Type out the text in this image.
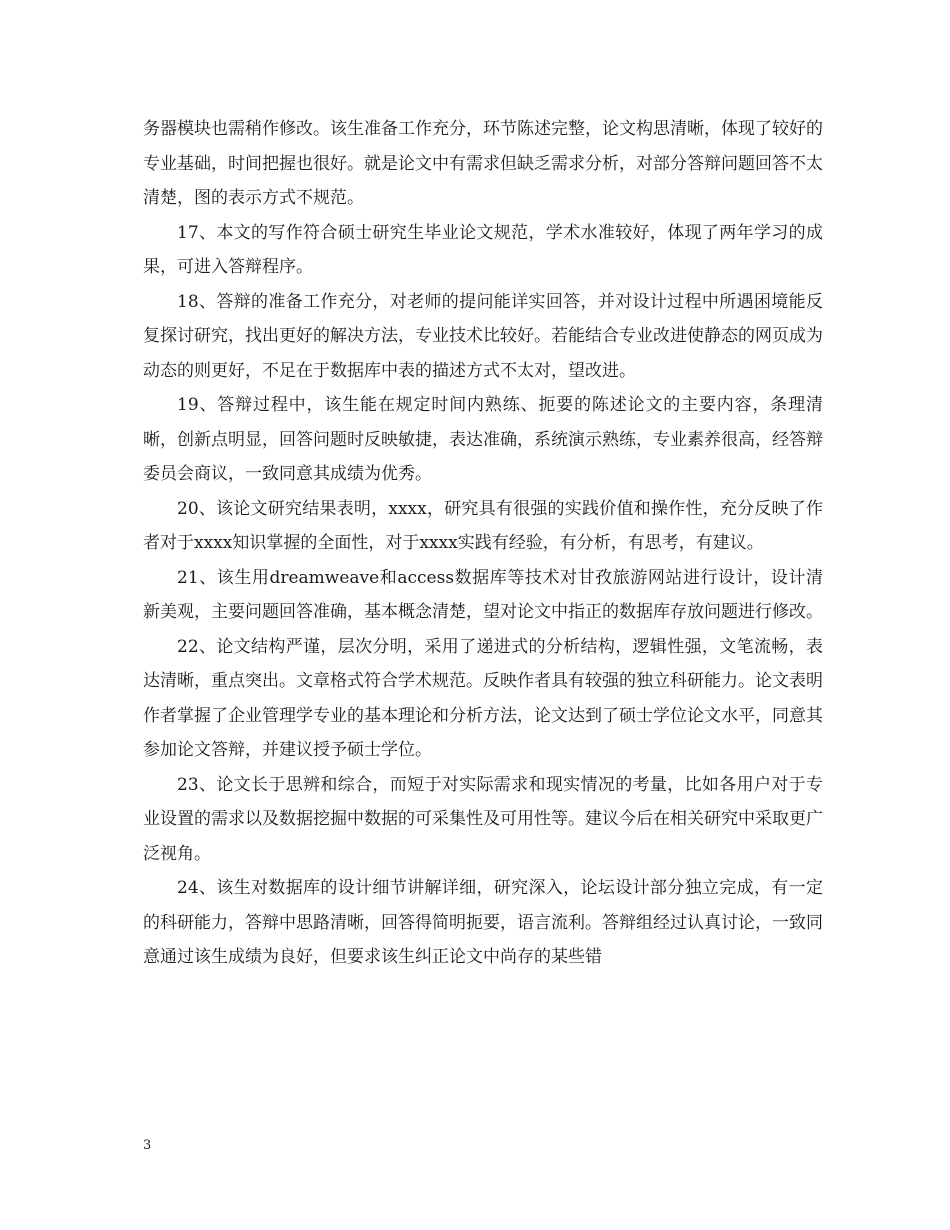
务器模块也需稍作修改。该生准备工作充分，环节陈述完整，论文构思清晰，体现了较好的专业基础，时间把握也很好。就是论文中有需求但缺乏需求分析，对部分答辩问题回答不太清楚，图的表示方式不规范。

17、本文的写作符合硕士研究生毕业论文规范，学术水准较好，体现了两年学习的成果，可进入答辩程序。

18、答辩的准备工作充分，对老师的提问能详实回答，并对设计过程中所遇困境能反复探讨研究，找出更好的解决方法，专业技术比较好。若能结合专业改进使静态的网页成为动态的则更好，不足在于数据库中表的描述方式不太对，望改进。

19、答辩过程中，该生能在规定时间内熟练、扼要的陈述论文的主要内容，条理清晰，创新点明显，回答问题时反映敏捷，表达准确，系统演示熟练，专业素养很高，经答辩委员会商议，一致同意其成绩为优秀。

20、该论文研究结果表明，xxxx，研究具有很强的实践价值和操作性，充分反映了作者对于xxxx知识掌握的全面性，对于xxxx实践有经验，有分析，有思考，有建议。

21、该生用dreamweave和access数据库等技术对甘孜旅游网站进行设计，设计清新美观，主要问题回答准确，基本概念清楚，望对论文中指正的数据库存放问题进行修改。

22、论文结构严谨，层次分明，采用了递进式的分析结构，逻辑性强，文笔流畅，表达清晰，重点突出。文章格式符合学术规范。反映作者具有较强的独立科研能力。论文表明作者掌握了企业管理学专业的基本理论和分析方法，论文达到了硕士学位论文水平，同意其参加论文答辩，并建议授予硕士学位。

23、论文长于思辨和综合，而短于对实际需求和现实情况的考量，比如各用户对于专业设置的需求以及数据挖掘中数据的可采集性及可用性等。建议今后在相关研究中采取更广泛视角。

24、该生对数据库的设计细节讲解详细，研究深入，论坛设计部分独立完成，有一定的科研能力，答辩中思路清晰，回答得简明扼要，语言流利。答辩组经过认真讨论，一致同意通过该生成绩为良好，但要求该生纠正论文中尚存的某些错

3
